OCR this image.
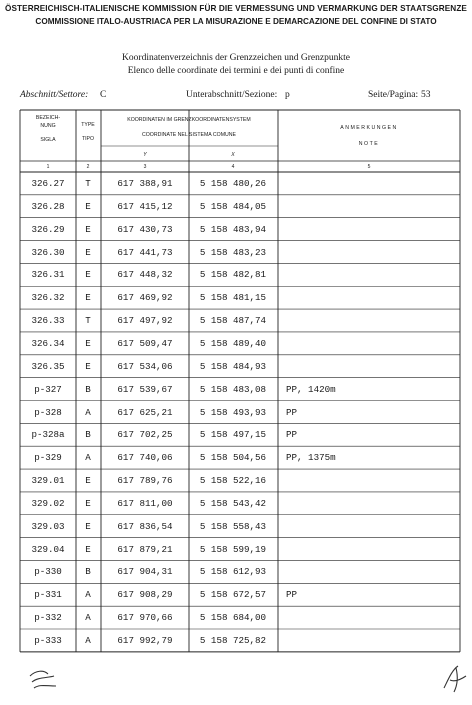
ÖSTERREICHISCH-ITALIENISCHE KOMMISSION FÜR DIE VERMESSUNG UND VERMARKUNG DER STAATSGRENZE
COMMISSIONE ITALO-AUSTRIACA PER LA MISURAZIONE E DEMARCAZIONE DEL CONFINE DI STATO
Koordinatenverzeichnis der Grenzzeichen und Grenzpunkte
Elenco delle coordinate dei termini e dei punti di confine
Abschnitt/Settore: C	Unterabschnitt/Sezione: p	Seite/Pagina: 53
BEZEICH-
NUNG
SIGLA
TYPE
TIPO
KOORDINATEN IM GRENZKOORDINATENSYSTEM
COORDINATE NEL SISTEMA COMUNE
Y	X
ANMERKUNGEN
NOTE
1	2	3	4	5
326.27	T	617 388,91	5 158 480,26
326.28	E	617 415,12	5 158 484,05
326.29	E	617 430,73	5 158 483,94
326.30	E	617 441,73	5 158 483,23
326.31	E	617 448,32	5 158 482,81
326.32	E	617 469,92	5 158 481,15
326.33	T	617 497,92	5 158 487,74
326.34	E	617 509,47	5 158 489,40
326.35	E	617 534,06	5 158 484,93
p-327	B	617 539,67	5 158 483,08	PP, 1420m
p-328	A	617 625,21	5 158 493,93	PP
p-328a	B	617 702,25	5 158 497,15	PP
p-329	A	617 740,06	5 158 504,56	PP, 1375m
329.01	E	617 789,76	5 158 522,16
329.02	E	617 811,00	5 158 543,42
329.03	E	617 836,54	5 158 558,43
329.04	E	617 879,21	5 158 599,19
p-330	B	617 904,31	5 158 612,93
p-331	A	617 908,29	5 158 672,57	PP
p-332	A	617 970,66	5 158 684,00
p-333	A	617 992,79	5 158 725,82
